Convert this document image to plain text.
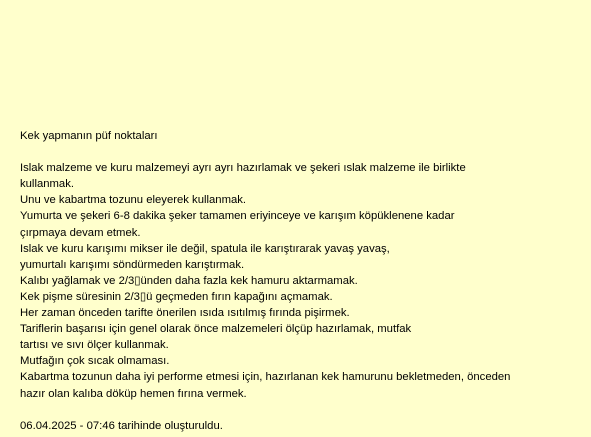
Kek yapmanın püf noktaları
Islak malzeme ve kuru malzemeyi ayrı ayrı hazırlamak ve şekeri ıslak malzeme ile birlikte
kullanmak.
Unu ve kabartma tozunu eleyerek kullanmak.
Yumurta ve şekeri 6-8 dakika şeker tamamen eriyinceye ve karışım köpüklenene kadar
çırpmaya devam etmek.
Islak ve kuru karışımı mikser ile değil, spatula ile karıştırarak yavaş yavaş,
yumurtalı karışımı söndürmeden karıştırmak.
Kalıbı yağlamak ve 2/3▯ünden daha fazla kek hamuru aktarmamak.
Kek pişme süresinin 2/3▯ü geçmeden fırın kapağını açmamak.
Her zaman önceden tarifte önerilen ısıda ısıtılmış fırında pişirmek.
Tariflerin başarısı için genel olarak önce malzemeleri ölçüp hazırlamak, mutfak
tartısı ve sıvı ölçer kullanmak.
Mutfağın çok sıcak olmaması.
Kabartma tozunun daha iyi performe etmesi için, hazırlanan kek hamurunu bekletmeden, önceden
hazır olan kalıba döküp hemen fırına vermek.
06.04.2025 - 07:46 tarihinde oluşturuldu.
